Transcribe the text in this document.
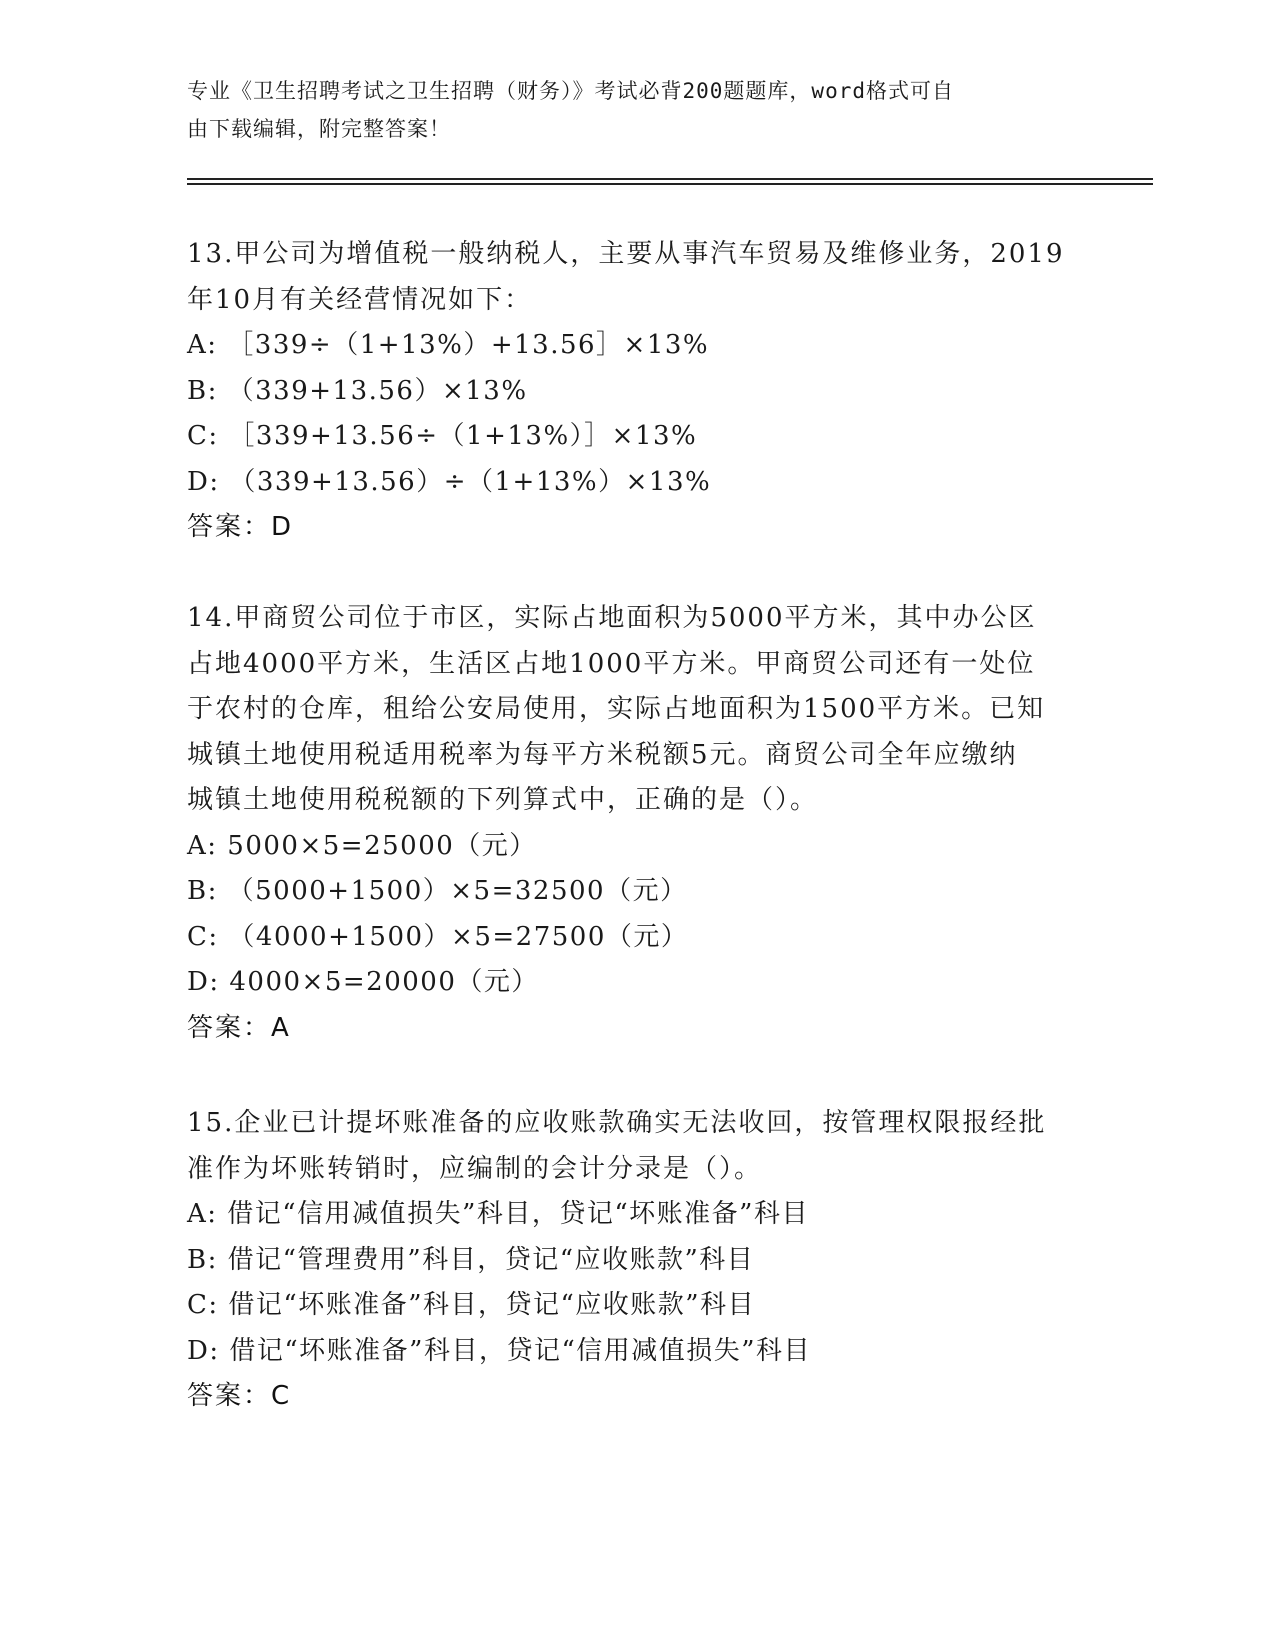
专业《卫生招聘考试之卫生招聘（财务）》考试必背200题题库，word格式可自
由下载编辑，附完整答案！
13.甲公司为增值税一般纳税人，主要从事汽车贸易及维修业务，2019
年10月有关经营情况如下：
A: ［339÷（1+13%）+13.56］×13%
B: （339+13.56）×13%
C: ［339+13.56÷（1+13%）］×13%
D: （339+13.56）÷（1+13%）×13%
答案：D
14.甲商贸公司位于市区，实际占地面积为5000平方米，其中办公区
占地4000平方米，生活区占地1000平方米。甲商贸公司还有一处位
于农村的仓库，租给公安局使用，实际占地面积为1500平方米。已知
城镇土地使用税适用税率为每平方米税额5元。商贸公司全年应缴纳
城镇土地使用税税额的下列算式中，正确的是（）。
A: 5000×5=25000（元）
B: （5000+1500）×5=32500（元）
C: （4000+1500）×5=27500（元）
D: 4000×5=20000（元）
答案：A
15.企业已计提坏账准备的应收账款确实无法收回，按管理权限报经批
准作为坏账转销时，应编制的会计分录是（）。
A: 借记“信用减值损失”科目，贷记“坏账准备”科目
B: 借记“管理费用”科目，贷记“应收账款”科目
C: 借记“坏账准备”科目，贷记“应收账款”科目
D: 借记“坏账准备”科目，贷记“信用减值损失”科目
答案：C
